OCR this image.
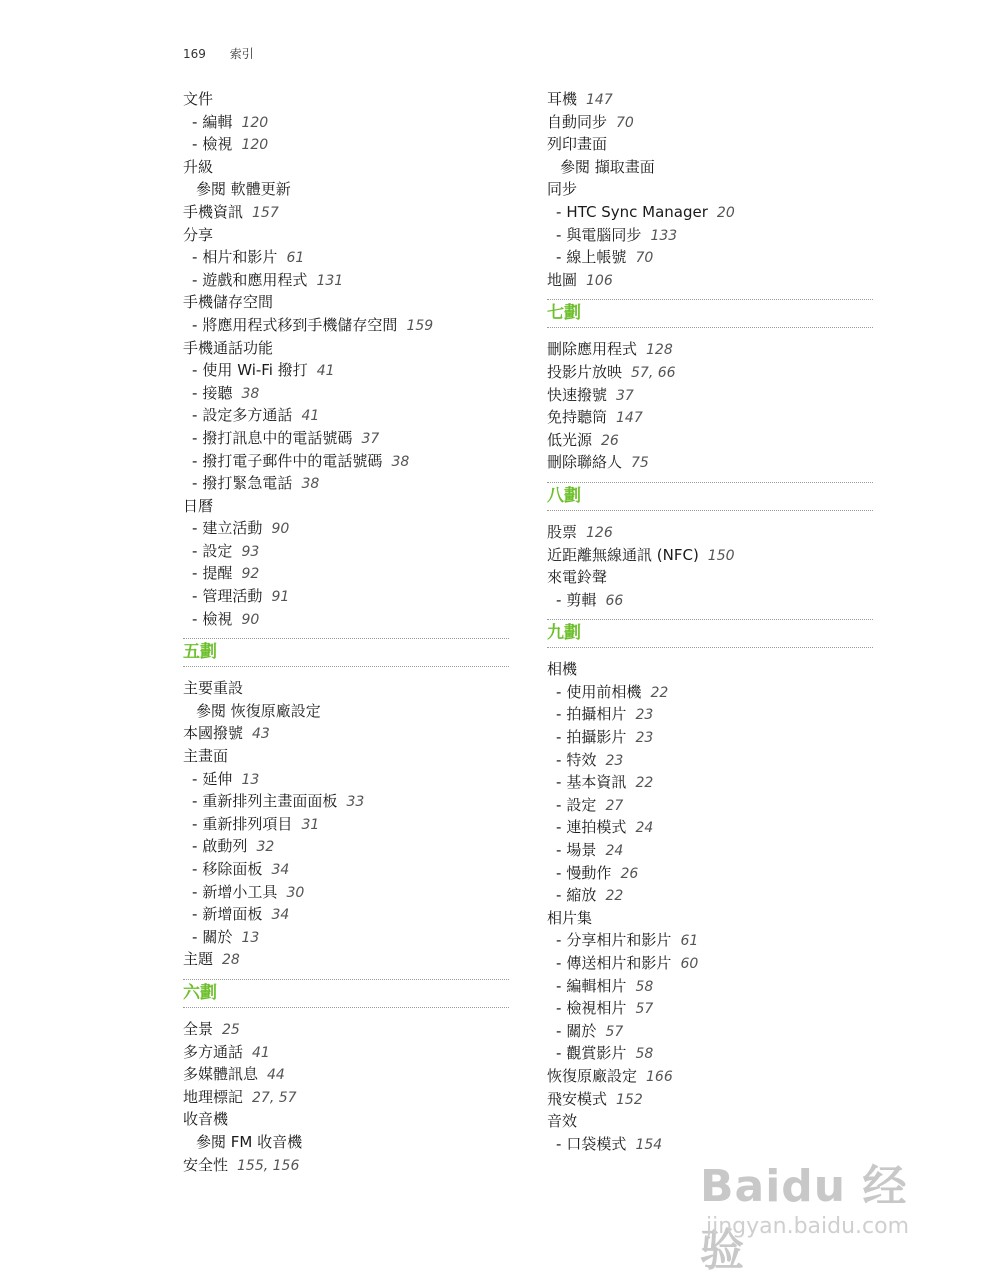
169 索引
文件
- 編輯 120
- 檢視 120
升級
參閱 軟體更新
手機資訊 157
分享
- 相片和影片 61
- 遊戲和應用程式 131
手機儲存空間
- 將應用程式移到手機儲存空間 159
手機通話功能
- 使用 Wi-Fi 撥打 41
- 接聽 38
- 設定多方通話 41
- 撥打訊息中的電話號碼 37
- 撥打電子郵件中的電話號碼 38
- 撥打緊急電話 38
日曆
- 建立活動 90
- 設定 93
- 提醒 92
- 管理活動 91
- 檢視 90
五劃
主要重設
參閱 恢復原廠設定
本國撥號 43
主畫面
- 延伸 13
- 重新排列主畫面面板 33
- 重新排列項目 31
- 啟動列 32
- 移除面板 34
- 新增小工具 30
- 新增面板 34
- 關於 13
主題 28
六劃
全景 25
多方通話 41
多媒體訊息 44
地理標記 27, 57
收音機
參閱 FM 收音機
安全性 155, 156
耳機 147
自動同步 70
列印畫面
參閱 擷取畫面
同步
- HTC Sync Manager 20
- 與電腦同步 133
- 線上帳號 70
地圖 106
七劃
刪除應用程式 128
投影片放映 57, 66
快速撥號 37
免持聽筒 147
低光源 26
刪除聯絡人 75
八劃
股票 126
近距離無線通訊 (NFC) 150
來電鈴聲
- 剪輯 66
九劃
相機
- 使用前相機 22
- 拍攝相片 23
- 拍攝影片 23
- 特效 23
- 基本資訊 22
- 設定 27
- 連拍模式 24
- 場景 24
- 慢動作 26
- 縮放 22
相片集
- 分享相片和影片 61
- 傳送相片和影片 60
- 編輯相片 58
- 檢視相片 57
- 關於 57
- 觀賞影片 58
恢復原廠設定 166
飛安模式 152
音效
- 口袋模式 154
Baidu 经验
jingyan.baidu.com
